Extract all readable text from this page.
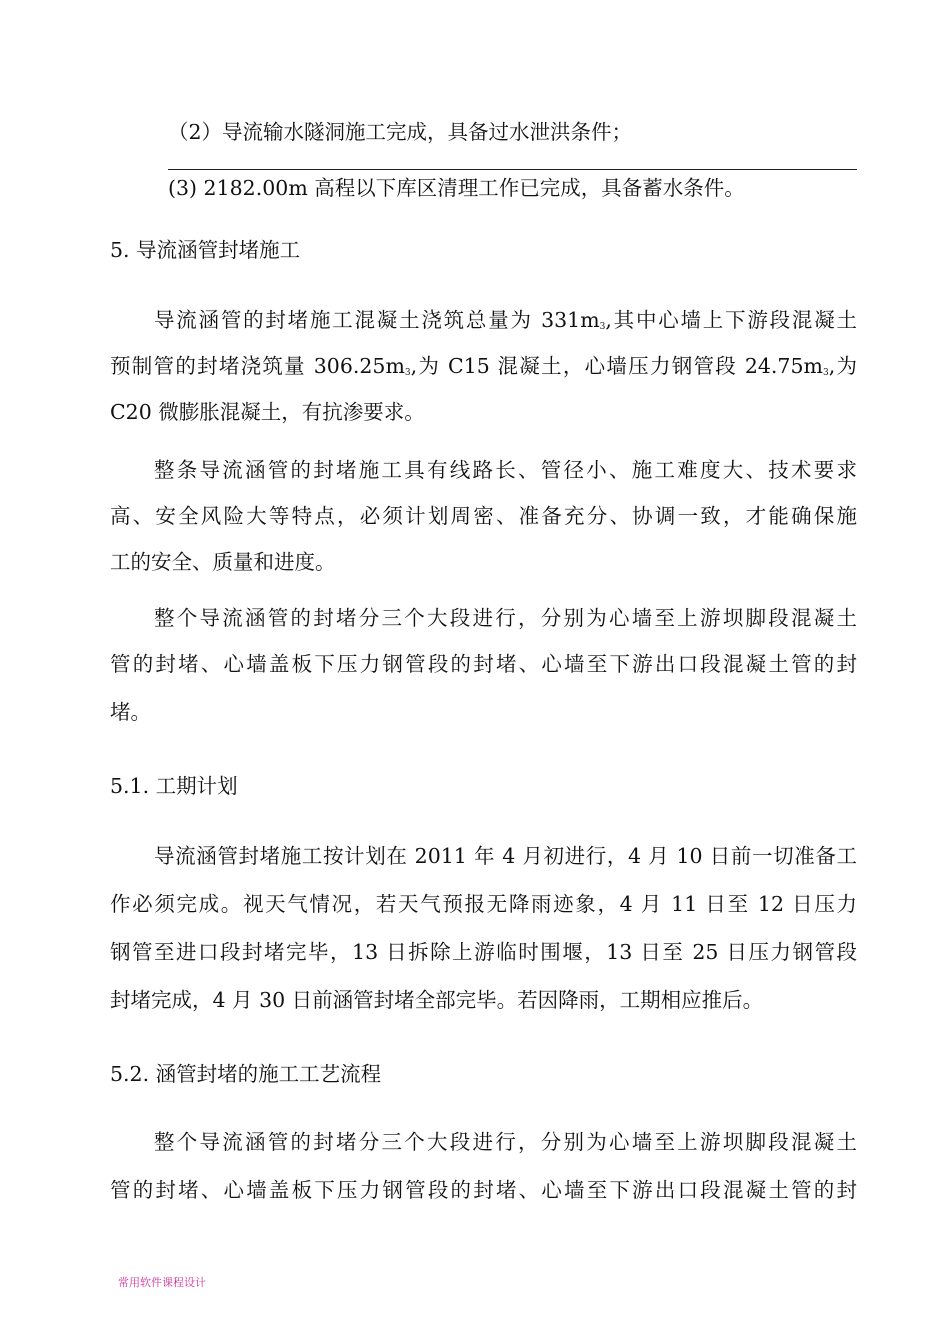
（2）导流输水隧洞施工完成，具备过水泄洪条件；
(3) 2182.00m 高程以下库区清理工作已完成，具备蓄水条件。
5. 导流涵管封堵施工
导流涵管的封堵施工混凝土浇筑总量为 $331m_3$,其中心墙上下游段混凝土
预制管的封堵浇筑量 $306.25m_3$,为 C15 混凝土，心墙压力钢管段 $24.75m_3$,为
C20 微膨胀混凝土，有抗渗要求。
整条导流涵管的封堵施工具有线路长、管径小、施工难度大、技术要求
高、安全风险大等特点，必须计划周密、准备充分、协调一致，才能确保施
工的安全、质量和进度。
整个导流涵管的封堵分三个大段进行，分别为心墙至上游坝脚段混凝土
管的封堵、心墙盖板下压力钢管段的封堵、心墙至下游出口段混凝土管的封
堵。
5.1. 工期计划
导流涵管封堵施工按计划在 2011 年 4 月初进行，4 月 10 日前一切准备工
作必须完成。视天气情况，若天气预报无降雨迹象，4 月 11 日至 12 日压力
钢管至进口段封堵完毕，13 日拆除上游临时围堰，13 日至 25 日压力钢管段
封堵完成，4 月 30 日前涵管封堵全部完毕。若因降雨，工期相应推后。
5.2. 涵管封堵的施工工艺流程
整个导流涵管的封堵分三个大段进行，分别为心墙至上游坝脚段混凝土
管的封堵、心墙盖板下压力钢管段的封堵、心墙至下游出口段混凝土管的封
常用软件课程设计
